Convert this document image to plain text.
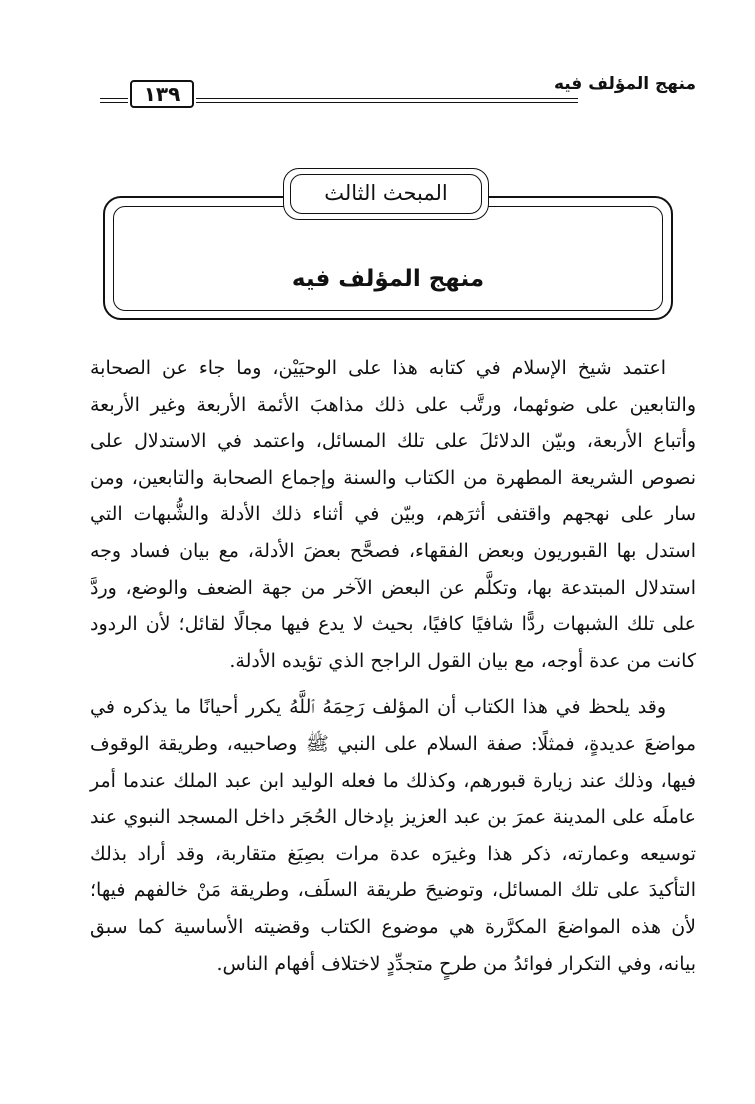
منهج المؤلف فيه
١٣٩
المبحث الثالث
منهج المؤلف فيه

اعتمد شيخ الإسلام في كتابه هذا على الوحيَيْن، وما جاء عن الصحابة والتابعين على ضوئهما، ورتَّب على ذلك مذاهبَ الأئمة الأربعة وغير الأربعة وأتباع الأربعة، وبيّن الدلائلَ على تلك المسائل، واعتمد في الاستدلال على نصوص الشريعة المطهرة من الكتاب والسنة وإجماع الصحابة والتابعين، ومن سار على نهجهم واقتفى أثرَهم، وبيّن في أثناء ذلك الأدلة والشُّبهات التي استدل بها القبوريون وبعض الفقهاء، فصحَّح بعضَ الأدلة، مع بيان فساد وجه استدلال المبتدعة بها، وتكلَّم عن البعض الآخر من جهة الضعف والوضع، وردَّ على تلك الشبهات ردًّا شافيًا كافيًا، بحيث لا يدع فيها مجالًا لقائل؛ لأن الردود كانت من عدة أوجه، مع بيان القول الراجح الذي تؤيده الأدلة.

وقد يلحظ في هذا الكتاب أن المؤلف رَحِمَهُ ٱللَّهُ يكرر أحيانًا ما يذكره في مواضعَ عديدةٍ، فمثلًا: صفة السلام على النبي ﷺ وصاحبيه، وطريقة الوقوف فيها، وذلك عند زيارة قبورهم، وكذلك ما فعله الوليد ابن عبد الملك عندما أمر عاملَه على المدينة عمرَ بن عبد العزيز بإدخال الحُجَر داخل المسجد النبوي عند توسيعه وعمارته، ذكر هذا وغيرَه عدة مرات بصِيَغ متقاربة، وقد أراد بذلك التأكيدَ على تلك المسائل، وتوضيحَ طريقة السلَف، وطريقة مَنْ خالفهم فيها؛ لأن هذه المواضعَ المكرَّرة هي موضوع الكتاب وقضيته الأساسية كما سبق بيانه، وفي التكرار فوائدُ من طرحٍ متجدِّدٍ لاختلاف أفهام الناس.
